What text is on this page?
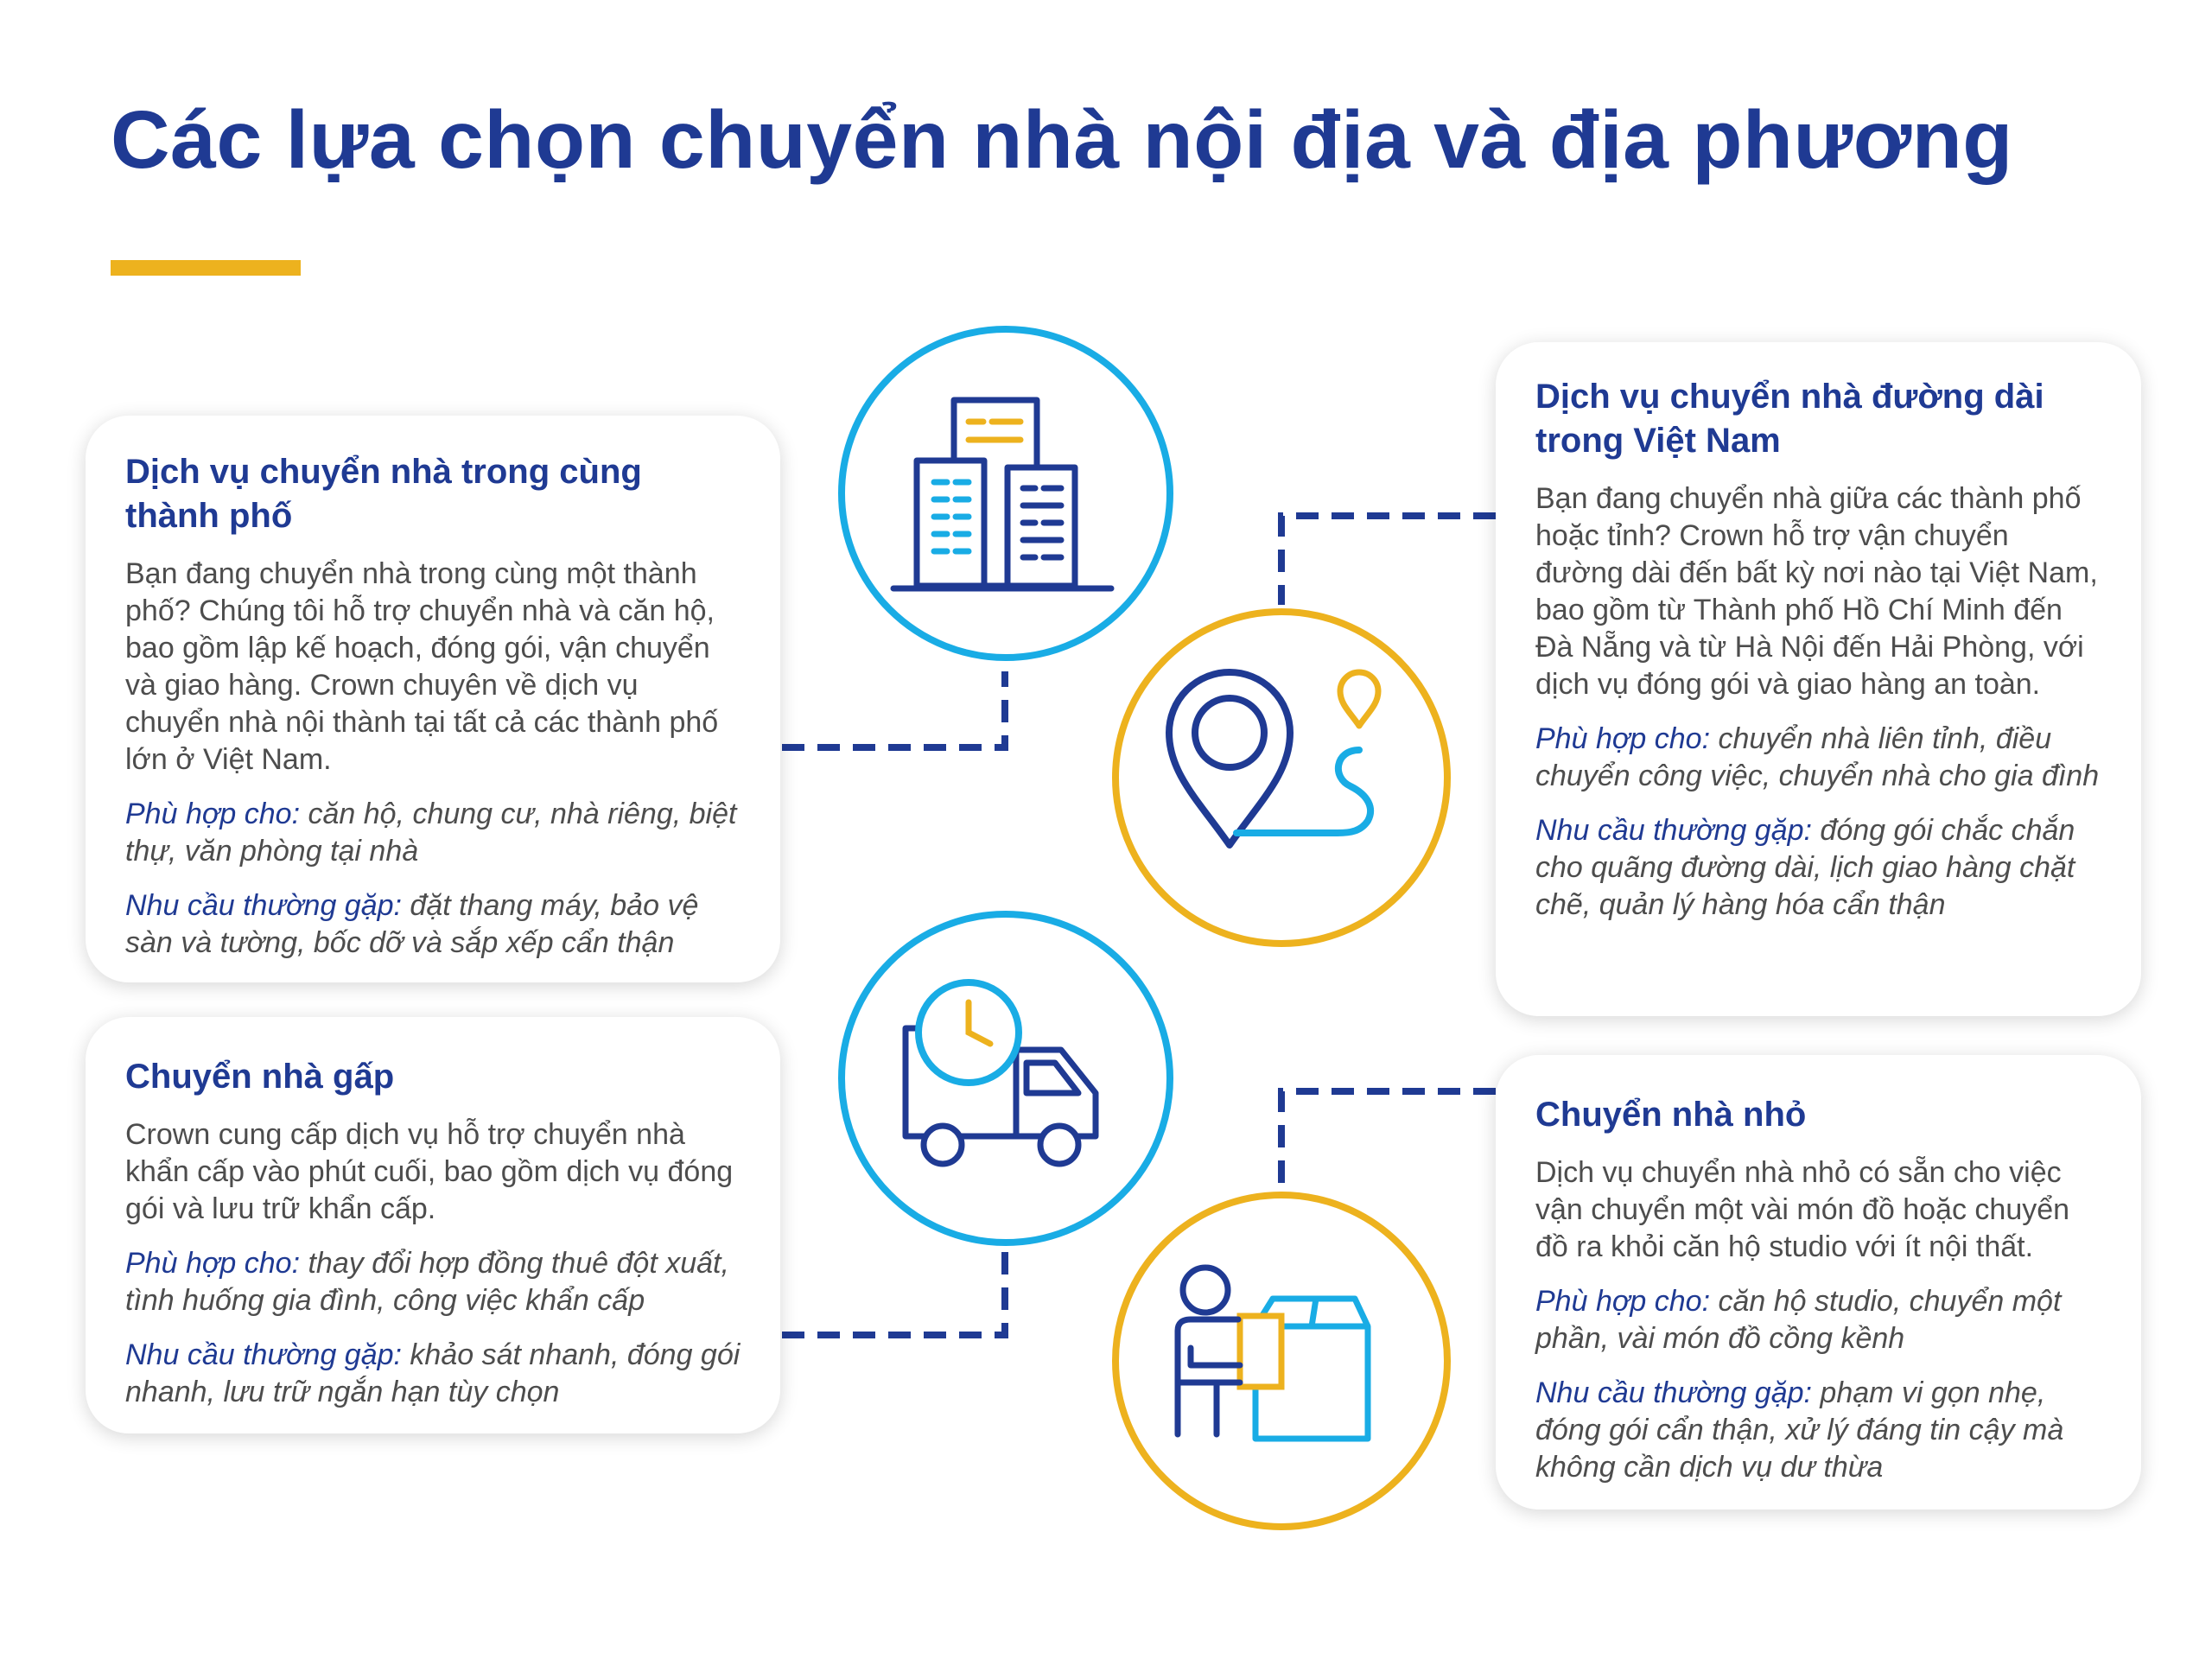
Các lựa chọn chuyển nhà nội địa và địa phương
Dịch vụ chuyển nhà trong cùng thành phố

Bạn đang chuyển nhà trong cùng một thành phố? Chúng tôi hỗ trợ chuyển nhà và căn hộ, bao gồm lập kế hoạch, đóng gói, vận chuyển và giao hàng. Crown chuyên về dịch vụ chuyển nhà nội thành tại tất cả các thành phố lớn ở Việt Nam.

Phù hợp cho: căn hộ, chung cư, nhà riêng, biệt thự, văn phòng tại nhà

Nhu cầu thường gặp: đặt thang máy, bảo vệ sàn và tường, bốc dỡ và sắp xếp cẩn thận

Dịch vụ chuyển nhà đường dài trong Việt Nam

Bạn đang chuyển nhà giữa các thành phố hoặc tỉnh? Crown hỗ trợ vận chuyển đường dài đến bất kỳ nơi nào tại Việt Nam, bao gồm từ Thành phố Hồ Chí Minh đến Đà Nẵng và từ Hà Nội đến Hải Phòng, với dịch vụ đóng gói và giao hàng an toàn.

Phù hợp cho: chuyển nhà liên tỉnh, điều chuyển công việc, chuyển nhà cho gia đình

Nhu cầu thường gặp: đóng gói chắc chắn cho quãng đường dài, lịch giao hàng chặt chẽ, quản lý hàng hóa cẩn thận

Chuyển nhà gấp

Crown cung cấp dịch vụ hỗ trợ chuyển nhà khẩn cấp vào phút cuối, bao gồm dịch vụ đóng gói và lưu trữ khẩn cấp.

Phù hợp cho: thay đổi hợp đồng thuê đột xuất, tình huống gia đình, công việc khẩn cấp

Nhu cầu thường gặp: khảo sát nhanh, đóng gói nhanh, lưu trữ ngắn hạn tùy chọn

Chuyển nhà nhỏ

Dịch vụ chuyển nhà nhỏ có sẵn cho việc vận chuyển một vài món đồ hoặc chuyển đồ ra khỏi căn hộ studio với ít nội thất.

Phù hợp cho: căn hộ studio, chuyển một phần, vài món đồ cồng kềnh

Nhu cầu thường gặp: phạm vi gọn nhẹ, đóng gói cẩn thận, xử lý đáng tin cậy mà không cần dịch vụ dư thừa
